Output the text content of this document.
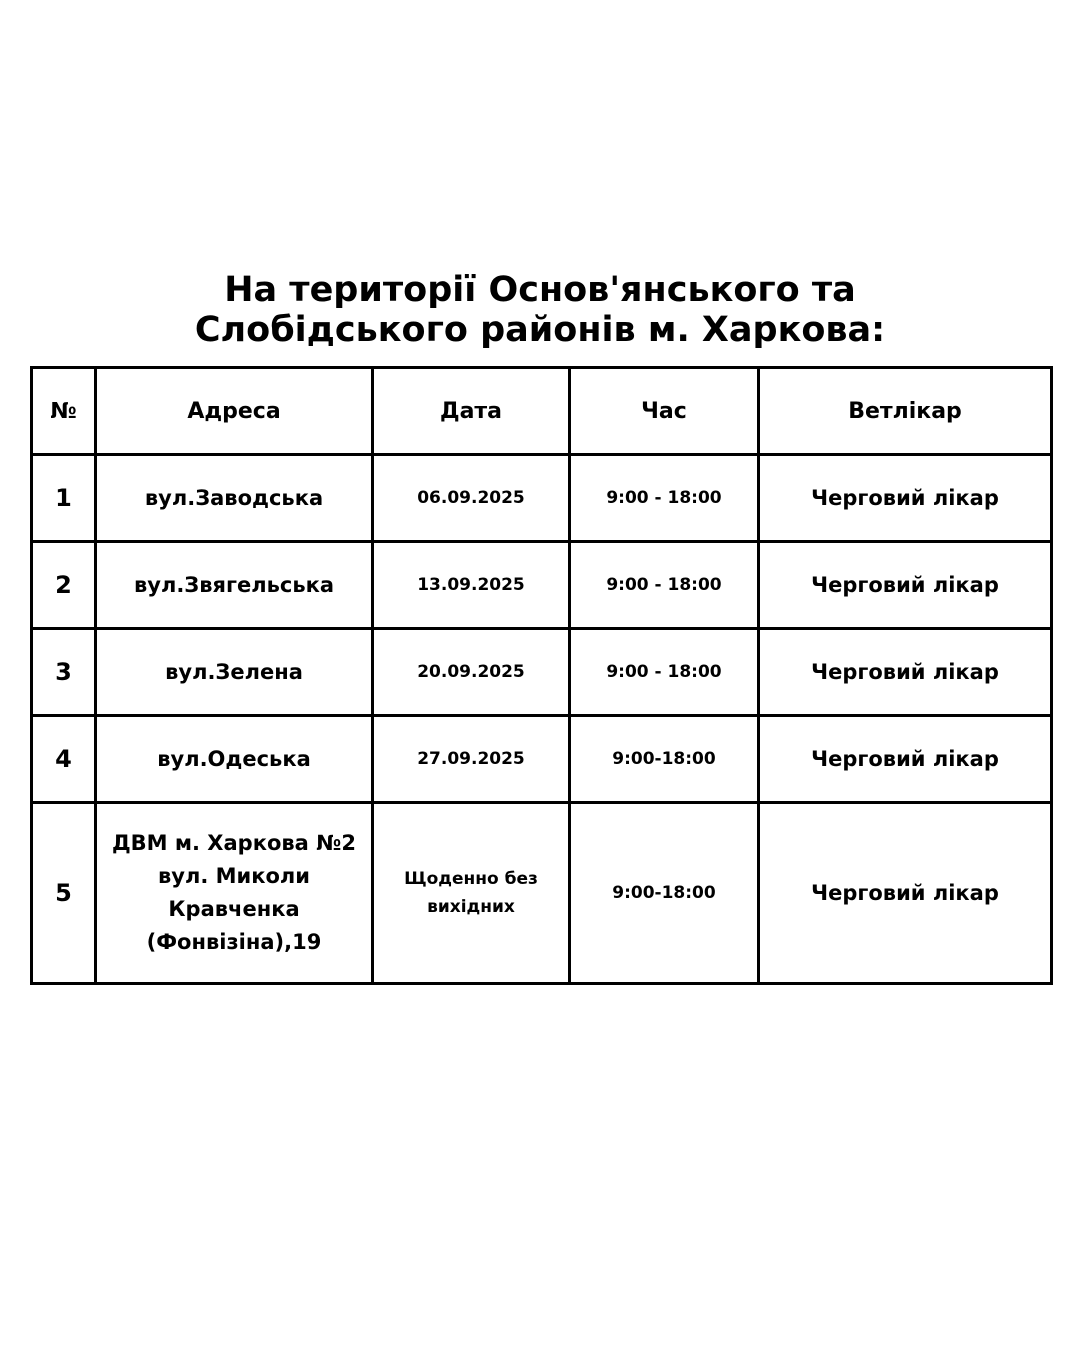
На території Основ'янського та
Слобідського районів м. Харкова:
№	Адреса	Дата	Час	Ветлікар
1	вул.Заводська	06.09.2025	9:00 - 18:00	Черговий лікар
2	вул.Звягельська	13.09.2025	9:00 - 18:00	Черговий лікар
3	вул.Зелена	20.09.2025	9:00 - 18:00	Черговий лікар
4	вул.Одеська	27.09.2025	9:00-18:00	Черговий лікар
5	ДВМ м. Харкова №2 вул. Миколи Кравченка (Фонвізіна),19	Щоденно без вихідних	9:00-18:00	Черговий лікар
